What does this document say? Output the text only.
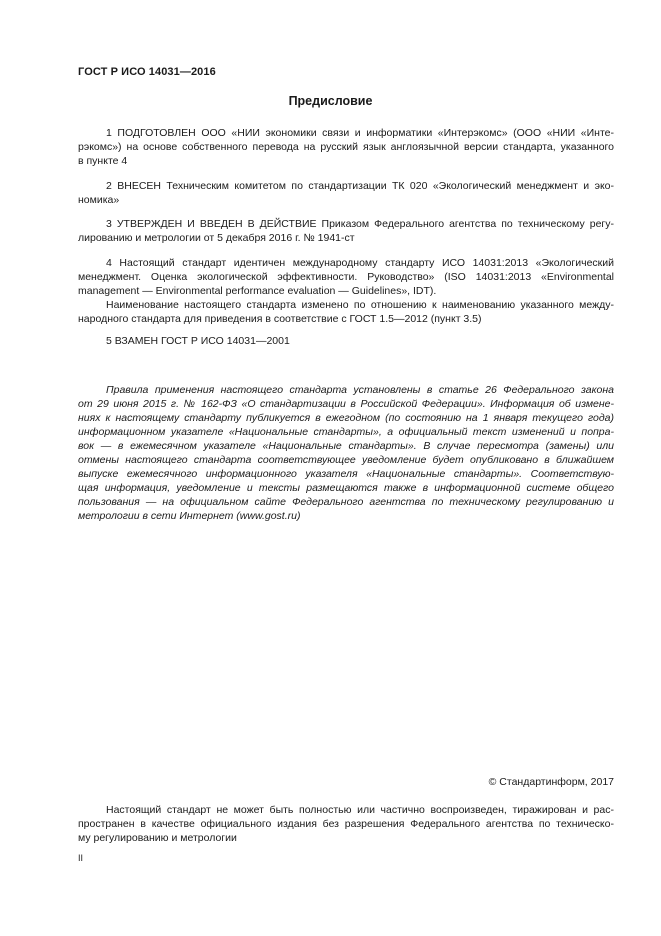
ГОСТ Р ИСО 14031—2016
Предисловие
1 ПОДГОТОВЛЕН ООО «НИИ экономики связи и информатики «Интерэкомс» (ООО «НИИ «Инте-
рэкомс») на основе собственного перевода на русский язык англоязычной версии стандарта, указанного
в пункте 4
2 ВНЕСЕН Техническим комитетом по стандартизации ТК 020 «Экологический менеджмент и эко-
номика»
3 УТВЕРЖДЕН И ВВЕДЕН В ДЕЙСТВИЕ Приказом Федерального агентства по техническому регу-
лированию и метрологии от 5 декабря 2016 г. № 1941-ст
4 Настоящий стандарт идентичен международному стандарту ИСО 14031:2013 «Экологический
менеджмент. Оценка экологической эффективности. Руководство» (ISO 14031:2013 «Environmental
management — Environmental performance evaluation — Guidelines», IDT).
Наименование настоящего стандарта изменено по отношению к наименованию указанного между-
народного стандарта для приведения в соответствие с ГОСТ 1.5—2012 (пункт 3.5)
5 ВЗАМЕН ГОСТ Р ИСО 14031—2001
Правила применения настоящего стандарта установлены в статье 26 Федерального закона
от 29 июня 2015 г. № 162-ФЗ «О стандартизации в Российской Федерации». Информация об измене-
ниях к настоящему стандарту публикуется в ежегодном (по состоянию на 1 января текущего года)
информационном указателе «Национальные стандарты», а официальный текст изменений и попра-
вок — в ежемесячном указателе «Национальные стандарты». В случае пересмотра (замены) или
отмены настоящего стандарта соответствующее уведомление будет опубликовано в ближайшем
выпуске ежемесячного информационного указателя «Национальные стандарты». Соответствую-
щая информация, уведомление и тексты размещаются также в информационной системе общего
пользования — на официальном сайте Федерального агентства по техническому регулированию и
метрологии в сети Интернет (www.gost.ru)
© Стандартинформ, 2017
Настоящий стандарт не может быть полностью или частично воспроизведен, тиражирован и рас-
пространен в качестве официального издания без разрешения Федерального агентства по техническо-
му регулированию и метрологии
II
